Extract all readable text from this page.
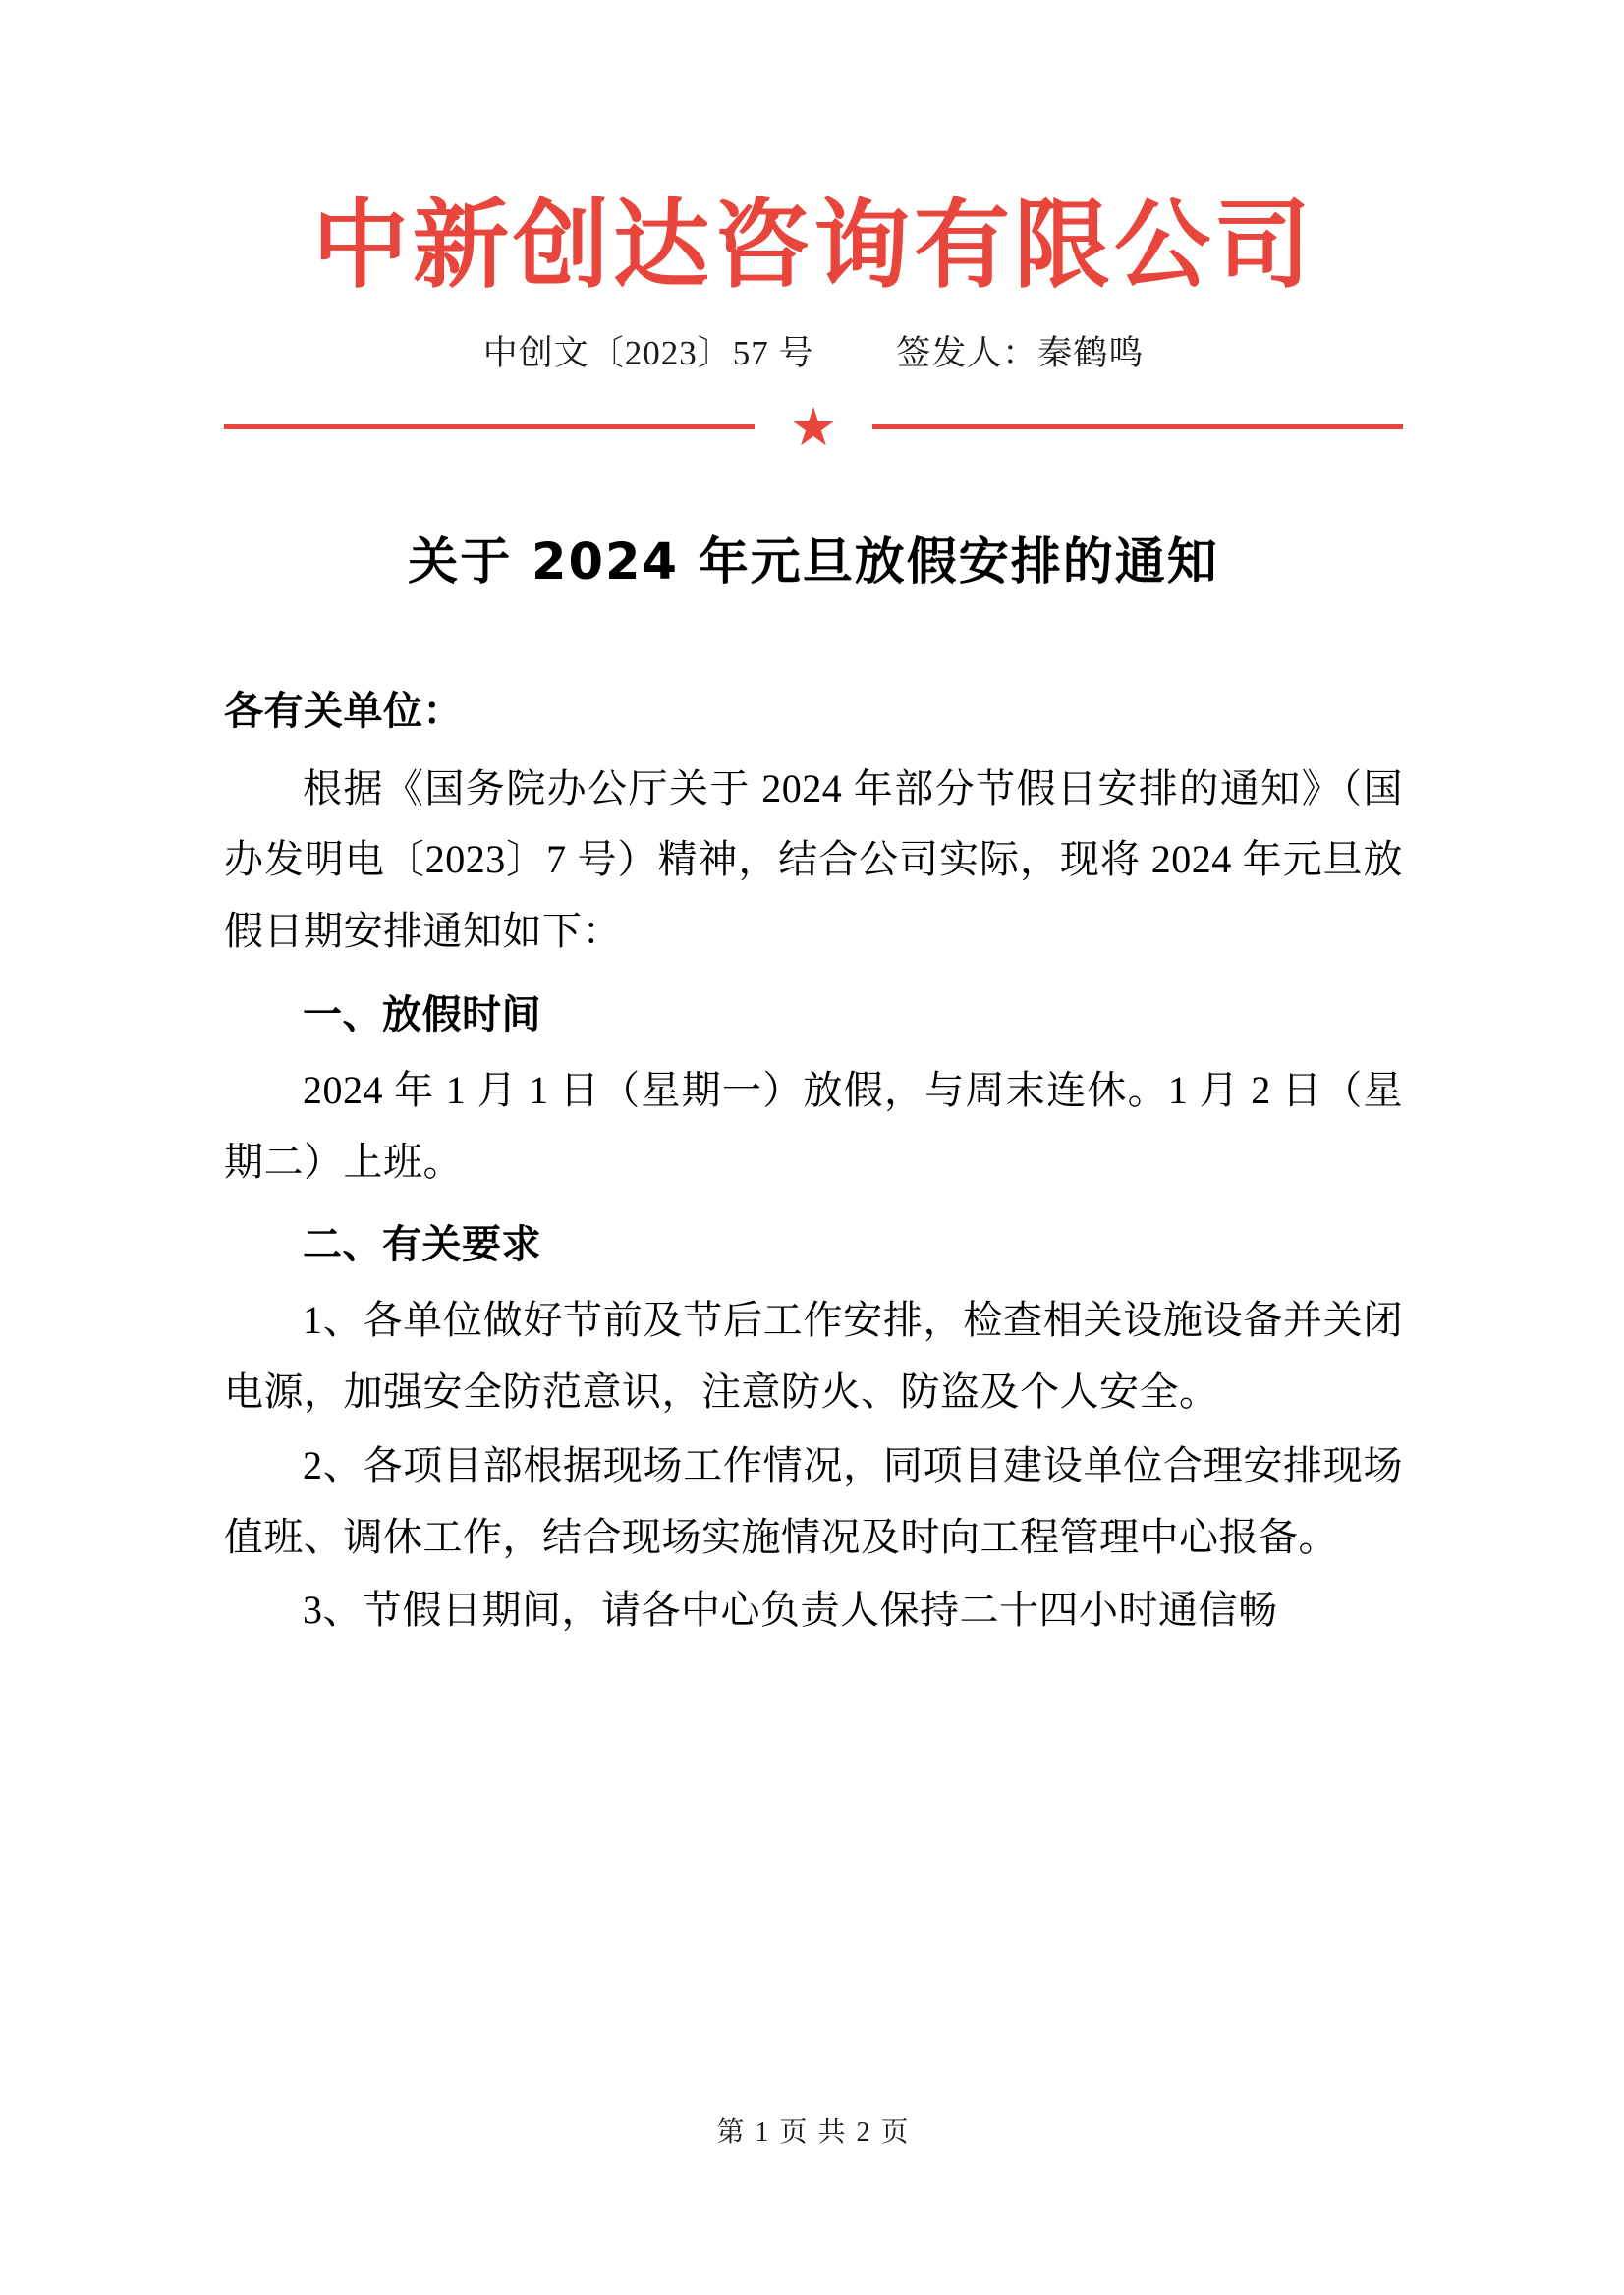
中新创达咨询有限公司
中创文〔2023〕57 号 签发人：秦鹤鸣
★
关于 2024 年元旦放假安排的通知
各有关单位：

根据《国务院办公厅关于 2024 年部分节假日安排的通知》（国办发明电〔2023〕7 号）精神，结合公司实际，现将 2024 年元旦放假日期安排通知如下：

一、放假时间

2024 年 1 月 1 日（星期一）放假，与周末连休。1 月 2 日（星期二）上班。

二、有关要求

1、各单位做好节前及节后工作安排，检查相关设施设备并关闭电源，加强安全防范意识，注意防火、防盗及个人安全。

2、各项目部根据现场工作情况，同项目建设单位合理安排现场值班、调休工作，结合现场实施情况及时向工程管理中心报备。

3、节假日期间，请各中心负责人保持二十四小时通信畅

第 1 页 共 2 页
